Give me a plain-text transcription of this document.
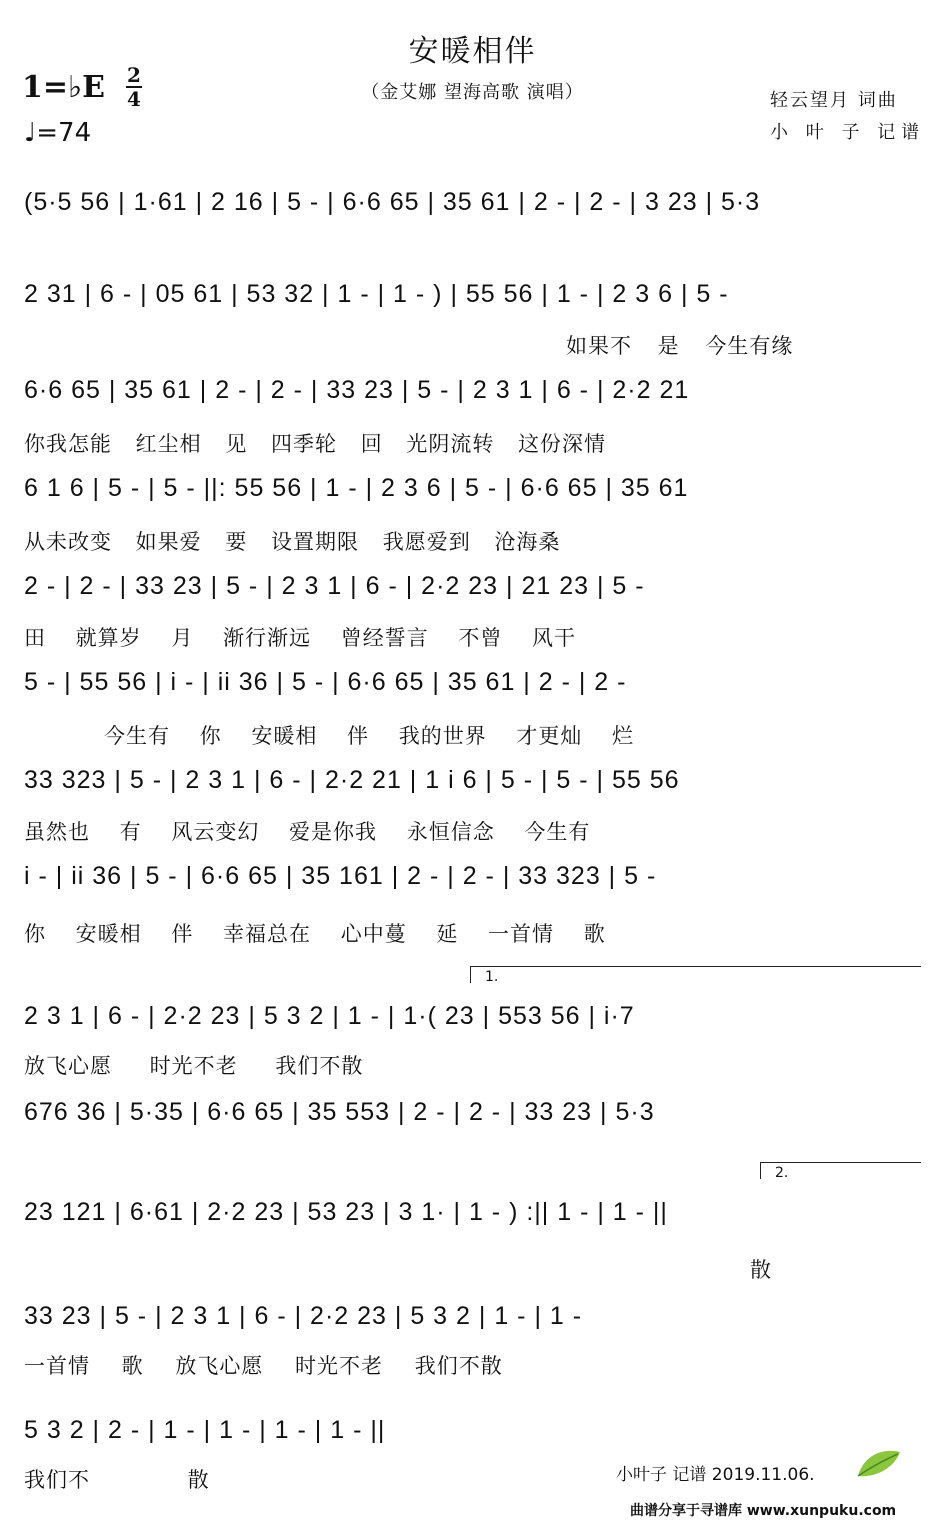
安暖相伴
（金艾娜 望海高歌 演唱）
1=♭E 2
4
♩=74
轻云望月 词曲
小 叶 子 记谱
(5·5 56 | 1·61 | 2 16 | 5 - | 6·6 65 | 35 61 | 2 - | 2 - | 3 23 | 5·3
2 31 | 6 - | 05 61 | 53 32 | 1 - | 1 - ) | 55 56 | 1 - | 2 3 6 | 5 -
如果不 是 今生有缘
6·6 65 | 35 61 | 2 - | 2 - | 33 23 | 5 - | 2 3 1 | 6 - | 2·2 21
你我怎能 红尘相 见 四季轮 回 光阴流转 这份深情
6 1 6 | 5 - | 5 - ||: 55 56 | 1 - | 2 3 6 | 5 - | 6·6 65 | 35 61
从未改变 如果爱 要 设置期限 我愿爱到 沧海桑
2 - | 2 - | 33 23 | 5 - | 2 3 1 | 6 - | 2·2 23 | 21 23 | 5 -
田 就算岁 月 渐行渐远 曾经誓言 不曾 风干
5 - | 55 56 | i - | ii 36 | 5 - | 6·6 65 | 35 61 | 2 - | 2 -
今生有 你 安暖相 伴 我的世界 才更灿 烂
33 323 | 5 - | 2 3 1 | 6 - | 2·2 21 | 1 i 6 | 5 - | 5 - | 55 56
虽然也 有 风云变幻 爱是你我 永恒信念 今生有
i - | ii 36 | 5 - | 6·6 65 | 35 161 | 2 - | 2 - | 33 323 | 5 -
你 安暖相 伴 幸福总在 心中蔓 延 一首情 歌
1.
2 3 1 | 6 - | 2·2 23 | 5 3 2 | 1 - | 1·( 23 | 553 56 | i·7
放飞心愿 时光不老 我们不散
676 36 | 5·35 | 6·6 65 | 35 553 | 2 - | 2 - | 33 23 | 5·3
2.
23 121 | 6·61 | 2·2 23 | 53 23 | 3 1· | 1 - ) :|| 1 - | 1 - ||
散
33 23 | 5 - | 2 3 1 | 6 - | 2·2 23 | 5 3 2 | 1 - | 1 -
一首情 歌 放飞心愿 时光不老 我们不散
5 3 2 | 2 - | 1 - | 1 - | 1 - | 1 - ||
我们不 散	小叶子 记谱 2019.11.06.
曲谱分享于寻谱库 www.xunpuku.com
